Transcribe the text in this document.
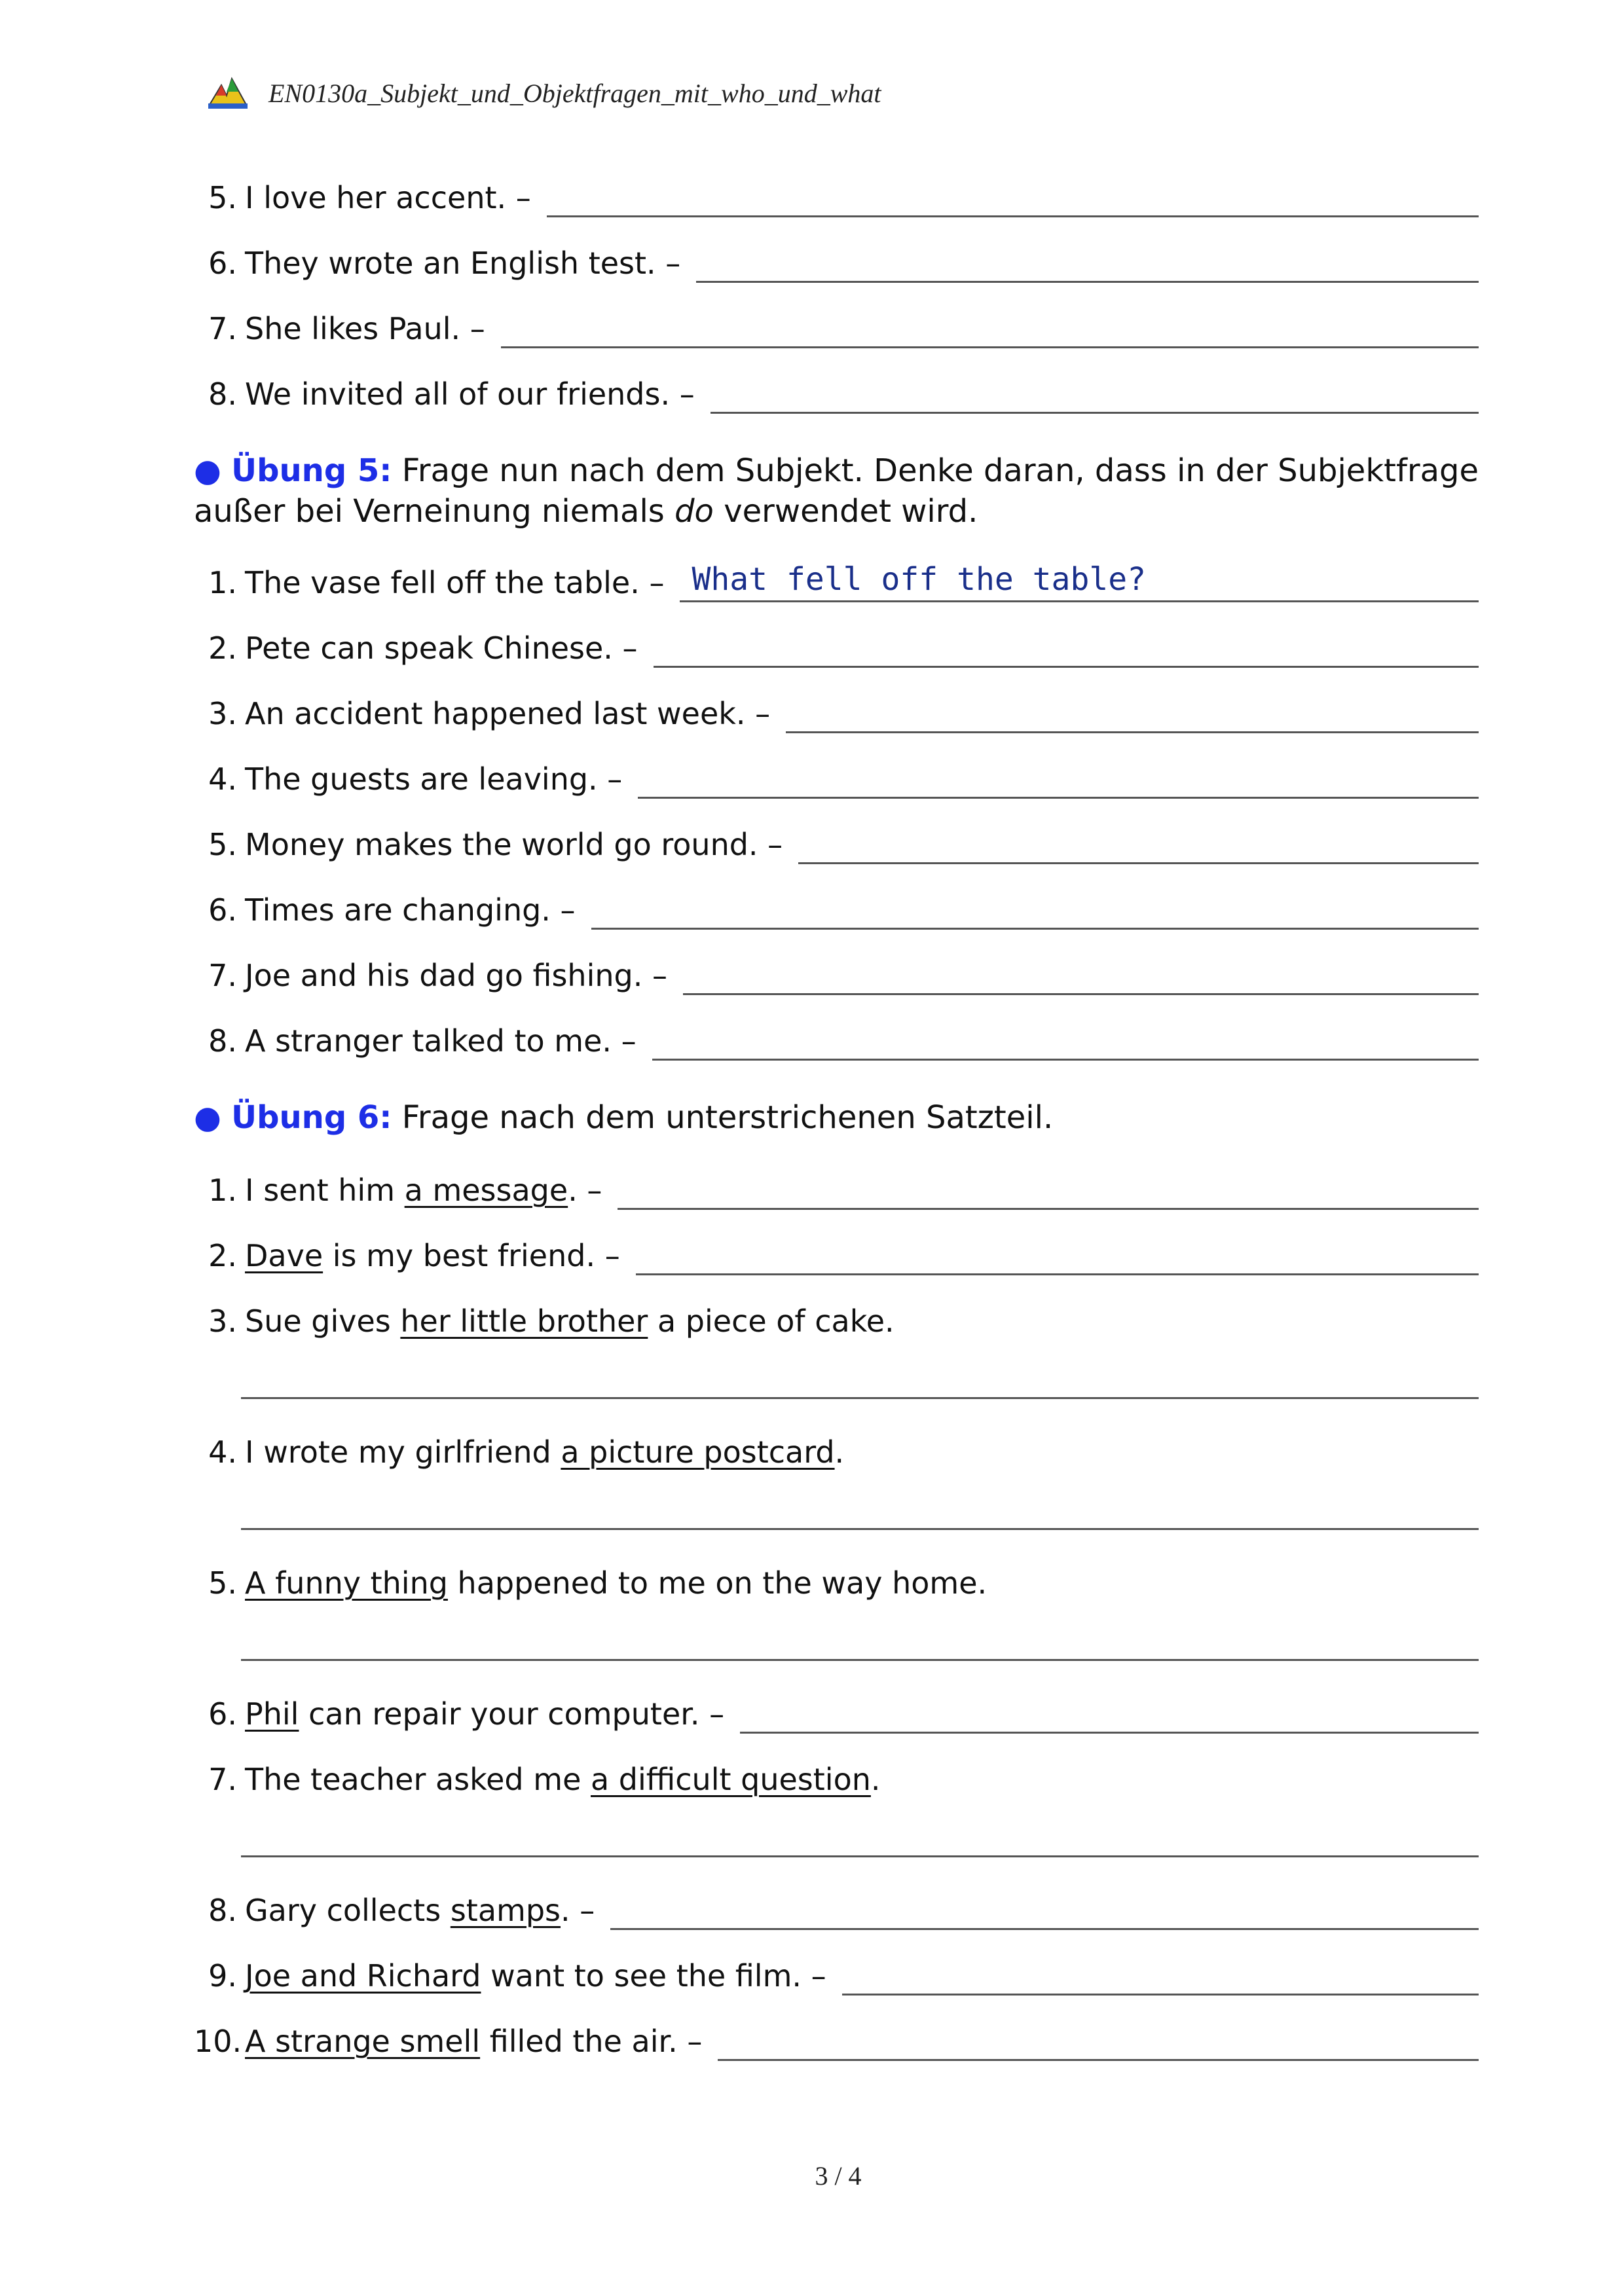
EN0130a_Subjekt_und_Objektfragen_mit_who_und_what
5. I love her accent. –
6. They wrote an English test. –
7. She likes Paul. –
8. We invited all of our friends. –
● Übung 5: Frage nun nach dem Subjekt. Denke daran, dass in der Subjektfrage außer bei Verneinung niemals do verwendet wird.
1. The vase fell off the table. – What fell off the table?
2. Pete can speak Chinese. –
3. An accident happened last week. –
4. The guests are leaving. –
5. Money makes the world go round. –
6. Times are changing. –
7. Joe and his dad go fishing. –
8. A stranger talked to me. –
● Übung 6: Frage nach dem unterstrichenen Satzteil.
1. I sent him a message. –
2. Dave is my best friend. –
3. Sue gives her little brother a piece of cake.
4. I wrote my girlfriend a picture postcard.
5. A funny thing happened to me on the way home.
6. Phil can repair your computer. –
7. The teacher asked me a difficult question.
8. Gary collects stamps. –
9. Joe and Richard want to see the film. –
10. A strange smell filled the air. –
3 / 4
